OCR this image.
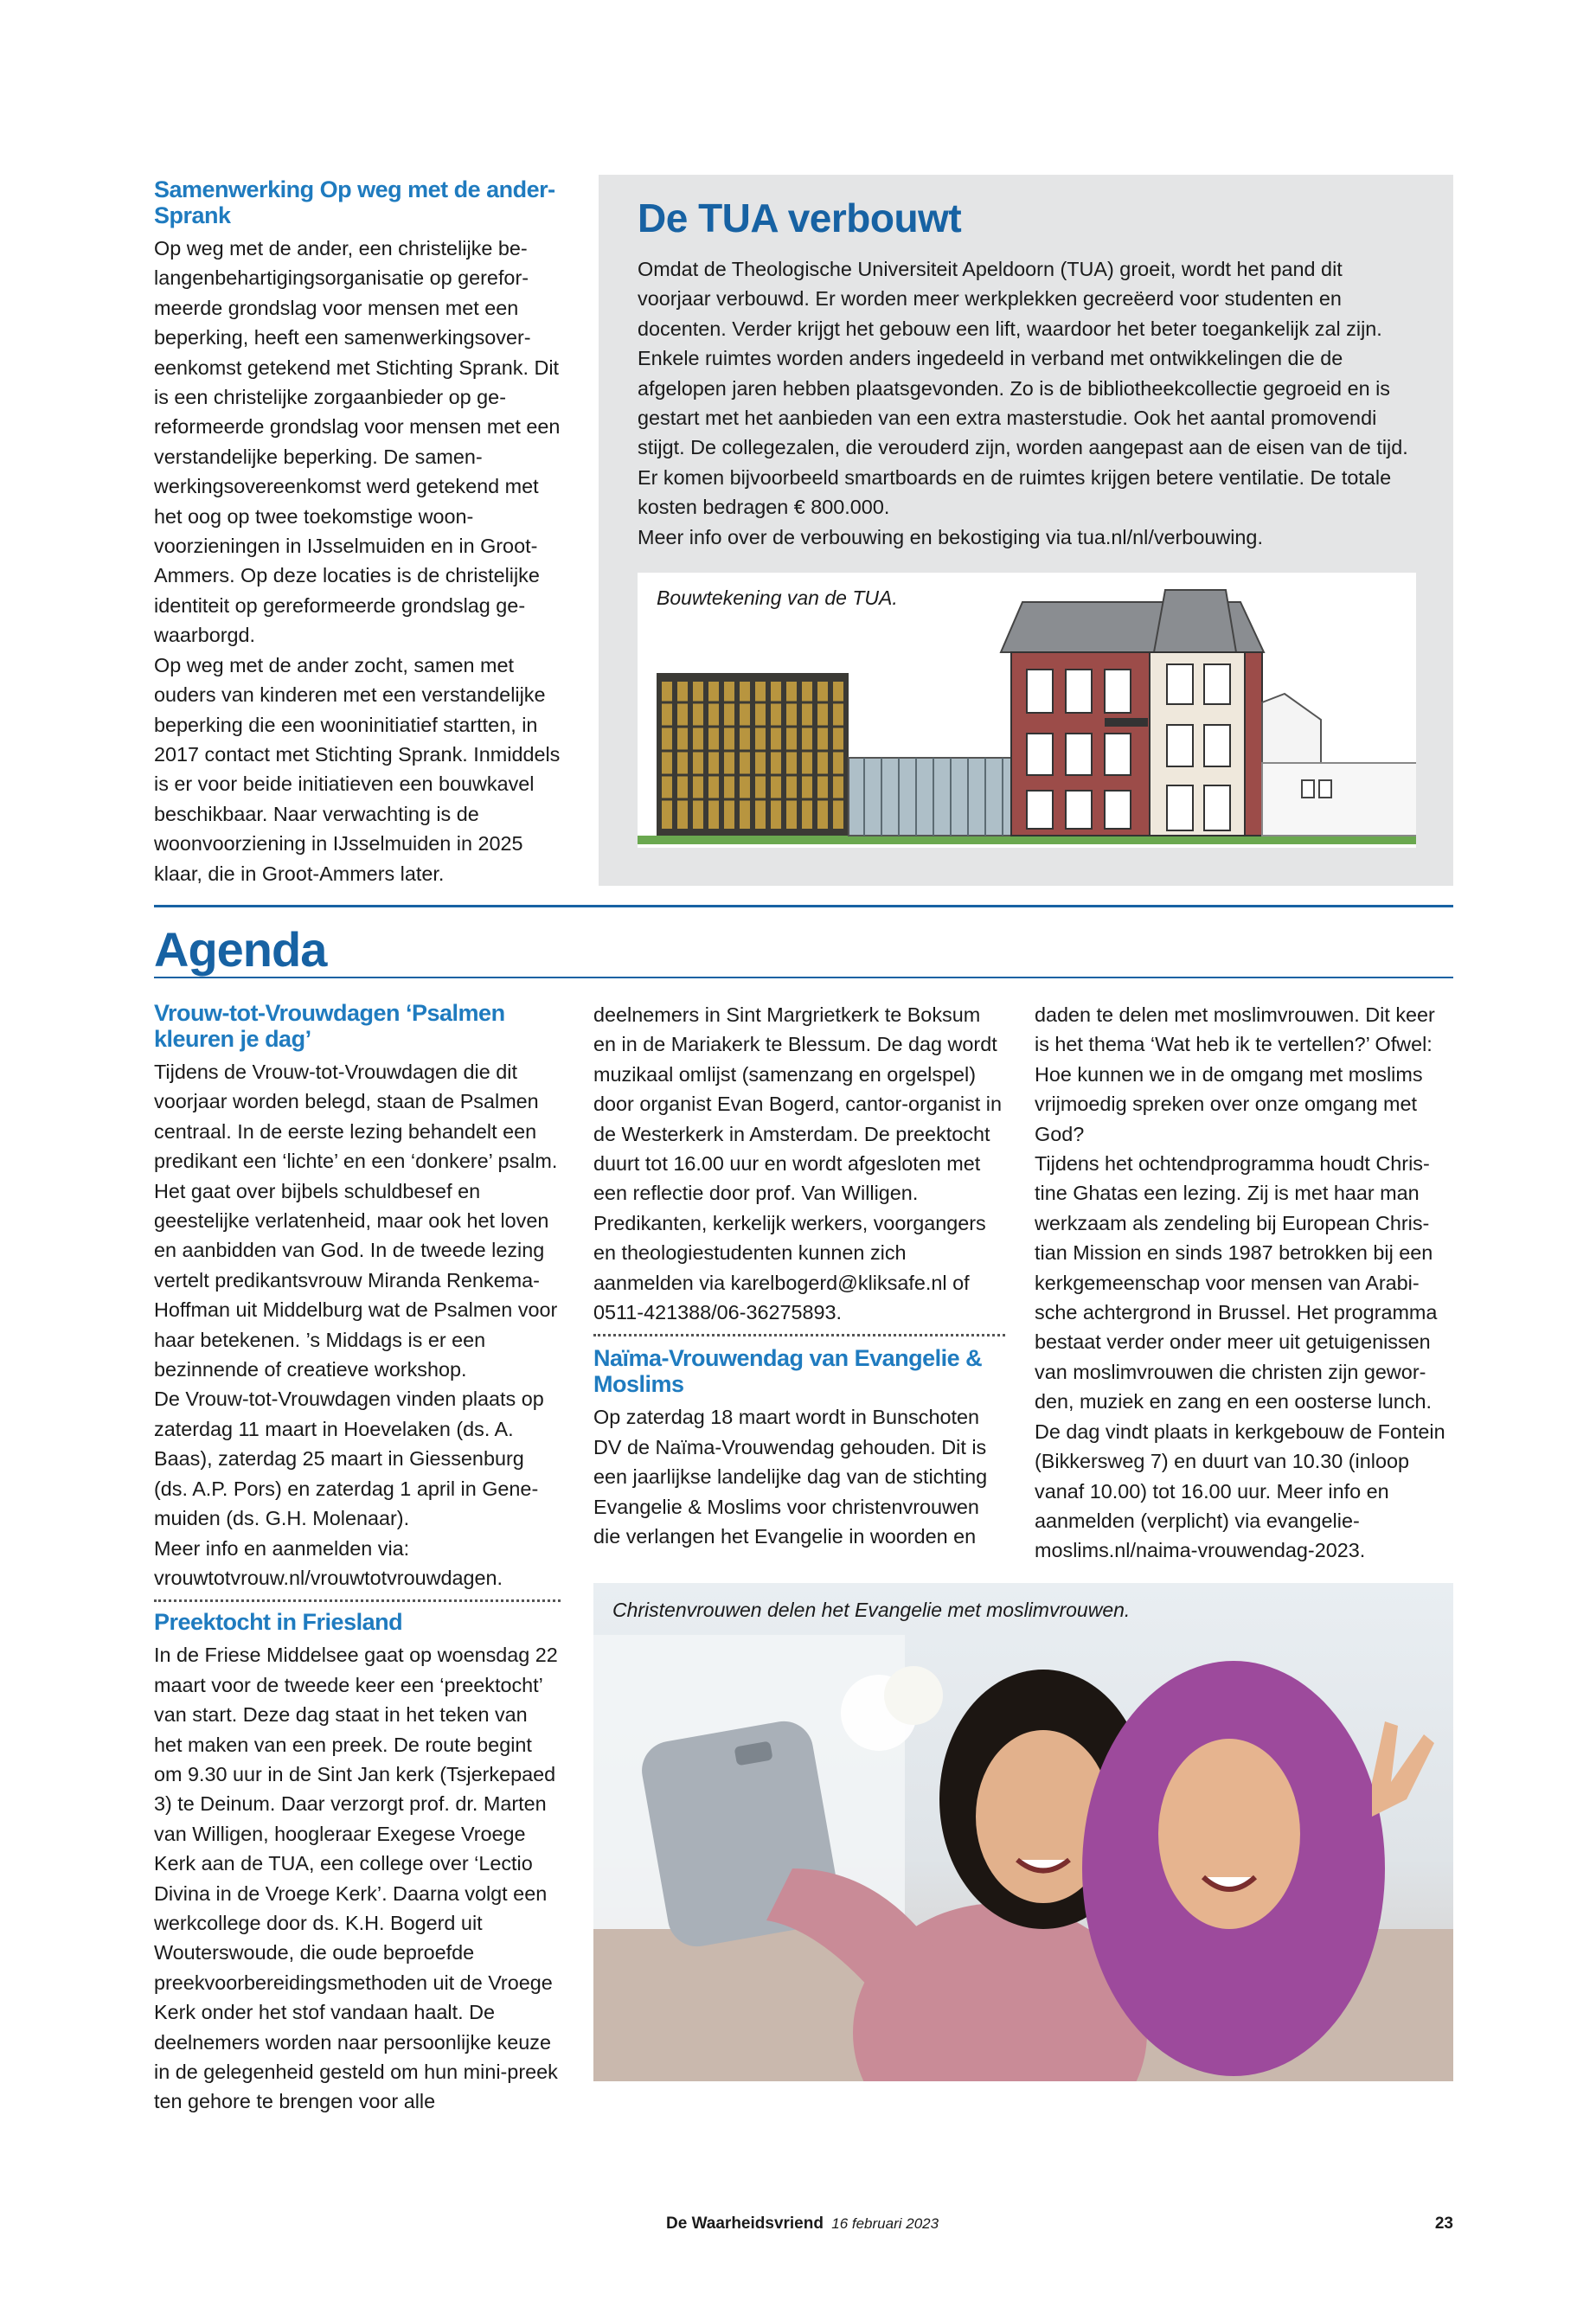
Samenwerking Op weg met de ander-Sprank

Op weg met de ander, een christelijke belangenbehartigingsorganisatie op gereformeerde grondslag voor mensen met een beperking, heeft een samenwerkingsovereenkomst getekend met Stichting Sprank. Dit is een christelijke zorgaanbieder op gereformeerde grondslag voor mensen met een verstandelijke beperking. De samenwerkingsovereenkomst werd getekend met het oog op twee toekomstige woonvoorzieningen in IJsselmuiden en in Groot-Ammers. Op deze locaties is de christelijke identiteit op gereformeerde grondslag gewaarborgd.

Op weg met de ander zocht, samen met ouders van kinderen met een verstandelijke beperking die een wooninitiatief startten, in 2017 contact met Stichting Sprank. Inmiddels is er voor beide initiatieven een bouwkavel beschikbaar. Naar verwachting is de woonvoorziening in IJsselmuiden in 2025 klaar, die in Groot-Ammers later.

De TUA verbouwt

Omdat de Theologische Universiteit Apeldoorn (TUA) groeit, wordt het pand dit voorjaar verbouwd. Er worden meer werkplekken gecreëerd voor studenten en docenten. Verder krijgt het gebouw een lift, waardoor het beter toegankelijk zal zijn. Enkele ruimtes worden anders ingedeeld in verband met ontwikkelingen die de afgelopen jaren hebben plaatsgevonden. Zo is de bibliotheekcollectie gegroeid en is gestart met het aanbieden van een extra masterstudie. Ook het aantal promovendi stijgt. De collegezalen, die verouderd zijn, worden aangepast aan de eisen van de tijd. Er komen bijvoorbeeld smartboards en de ruimtes krijgen betere ventilatie. De totale kosten bedragen € 800.000.

Meer info over de verbouwing en bekostiging via tua.nl/nl/verbouwing.

Bouwtekening van de TUA.
Agenda
Vrouw-tot-Vrouwdagen ‘Psalmen kleuren je dag’

Tijdens de Vrouw-tot-Vrouwdagen die dit voorjaar worden belegd, staan de Psalmen centraal. In de eerste lezing behandelt een predikant een ‘lichte’ en een ‘donkere’ psalm. Het gaat over bijbels schuldbesef en geestelijke verlatenheid, maar ook het loven en aanbidden van God. In de tweede lezing vertelt predikantsvrouw Miranda Renkema-Hoffman uit Middelburg wat de Psalmen voor haar betekenen. ’s Middags is er een bezinnende of creatieve workshop.

De Vrouw-tot-Vrouwdagen vinden plaats op zaterdag 11 maart in Hoevelaken (ds. A. Baas), zaterdag 25 maart in Giessenburg (ds. A.P. Pors) en zaterdag 1 april in Genemuiden (ds. G.H. Molenaar).

Meer info en aanmelden via: vrouwtotvrouw.nl/vrouwtotvrouwdagen.

Preektocht in Friesland

In de Friese Middelsee gaat op woensdag 22 maart voor de tweede keer een ‘preektocht’ van start. Deze dag staat in het teken van het maken van een preek. De route begint om 9.30 uur in de Sint Jan kerk (Tsjerkepaed 3) te Deinum. Daar verzorgt prof. dr. Marten van Willigen, hoogleraar Exegese Vroege Kerk aan de TUA, een college over ‘Lectio Divina in de Vroege Kerk’. Daarna volgt een werkcollege door ds. K.H. Bogerd uit Wouterswoude, die oude beproefde preekvoorbereidingsmethoden uit de Vroege Kerk onder het stof vandaan haalt. De deelnemers worden naar persoonlijke keuze in de gelegenheid gesteld om hun mini-preek ten gehore te brengen voor alle

deelnemers in Sint Margrietkerk te Boksum en in de Mariakerk te Blessum. De dag wordt muzikaal omlijst (samenzang en orgelspel) door organist Evan Bogerd, cantor-organist in de Westerkerk in Amsterdam. De preektocht duurt tot 16.00 uur en wordt afgesloten met een reflectie door prof. Van Willigen. Predikanten, kerkelijk werkers, voorgangers en theologiestudenten kunnen zich aanmelden via karelbogerd@kliksafe.nl of 0511-421388/06-36275893.

Naïma-Vrouwendag van Evangelie & Moslims

Op zaterdag 18 maart wordt in Bunschoten DV de Naïma-Vrouwendag gehouden. Dit is een jaarlijkse landelijke dag van de stichting Evangelie & Moslims voor christenvrouwen die verlangen het Evangelie in woorden en

daden te delen met moslimvrouwen. Dit keer is het thema ‘Wat heb ik te vertellen?’ Ofwel: Hoe kunnen we in de omgang met moslims vrijmoedig spreken over onze omgang met God?

Tijdens het ochtendprogramma houdt Christine Ghatas een lezing. Zij is met haar man werkzaam als zendeling bij European Christian Mission en sinds 1987 betrokken bij een kerkgemeenschap voor mensen van Arabische achtergrond in Brussel. Het programma bestaat verder onder meer uit getuigenissen van moslimvrouwen die christen zijn geworden, muziek en zang en een oosterse lunch. De dag vindt plaats in kerkgebouw de Fontein (Bikkersweg 7) en duurt van 10.30 (inloop vanaf 10.00) tot 16.00 uur. Meer info en aanmelden (verplicht) via evangeliemoslims.nl/naima-vrouwendag-2023.

Christenvrouwen delen het Evangelie met moslimvrouwen.
De Waarheidsvriend 16 februari 2023	23
